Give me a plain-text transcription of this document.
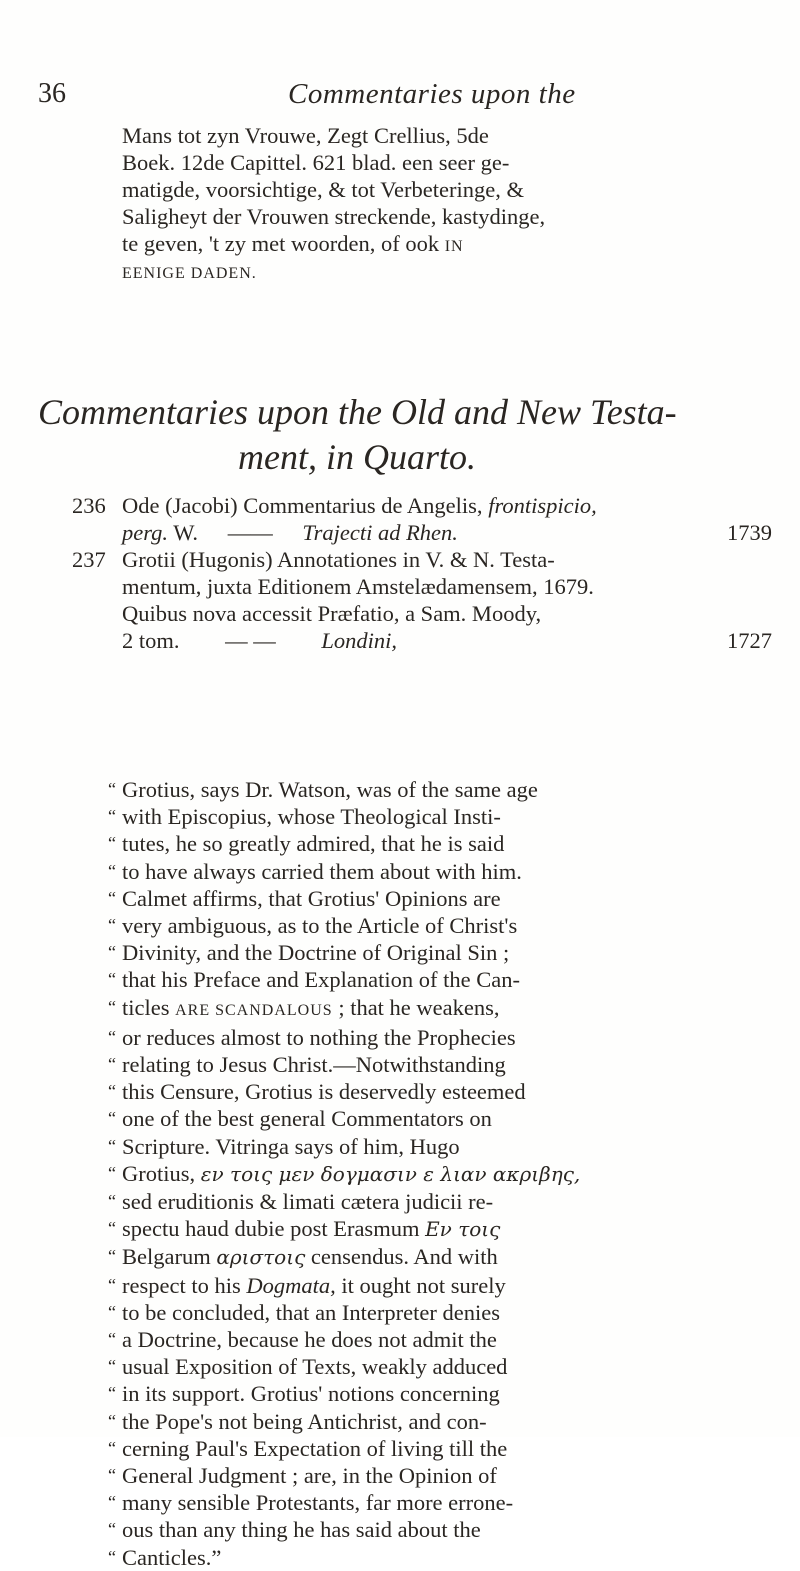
36	Commentaries upon the
Mans tot zyn Vrouwe, Zegt Crellius, 5de
Boek. 12de Capittel. 621 blad. een seer ge-
matigde, voorsichtige, & tot Verbeteringe, &
Saligheyt der Vrouwen streckende, kastydinge,
te geven, 't zy met woorden, of ook IN
EENIGE DADEN.
Commentaries upon the Old and New Testa-
ment, in Quarto.
236 Ode (Jacobi) Commentarius de Angelis, frontispicio,
perg. W. —— Trajecti ad Rhen.	1739
237 Grotii (Hugonis) Annotationes in V. & N. Testa-
mentum, juxta Editionem Amstelædamensem, 1679.
Quibus nova accessit Præfatio, a Sam. Moody,
2 tom. — — Londini,	1727
“ Grotius, says Dr. Watson, was of the same age
“ with Episcopius, whose Theological Insti-
“ tutes, he so greatly admired, that he is said
“ to have always carried them about with him.
“ Calmet affirms, that Grotius' Opinions are
“ very ambiguous, as to the Article of Christ's
“ Divinity, and the Doctrine of Original Sin ;
“ that his Preface and Explanation of the Can-
“ ticles ARE SCANDALOUS ; that he weakens,
“ or reduces almost to nothing the Prophecies
“ relating to Jesus Christ.—Notwithstanding
“ this Censure, Grotius is deservedly esteemed
“ one of the best general Commentators on
“ Scripture. Vitringa says of him, Hugo
“ Grotius, εν τοις μεν δογμασιν ε λιαν ακριβης,
“ sed eruditionis & limati cætera judicii re-
“ spectu haud dubie post Erasmum Εν τοις
“ Belgarum αριστοις censendus. And with
“ respect to his Dogmata, it ought not surely
“ to be concluded, that an Interpreter denies
“ a Doctrine, because he does not admit the
“ usual Exposition of Texts, weakly adduced
“ in its support. Grotius' notions concerning
“ the Pope's not being Antichrist, and con-
“ cerning Paul's Expectation of living till the
“ General Judgment ; are, in the Opinion of
“ many sensible Protestants, far more errone-
“ ous than any thing he has said about the
“ Canticles.”
